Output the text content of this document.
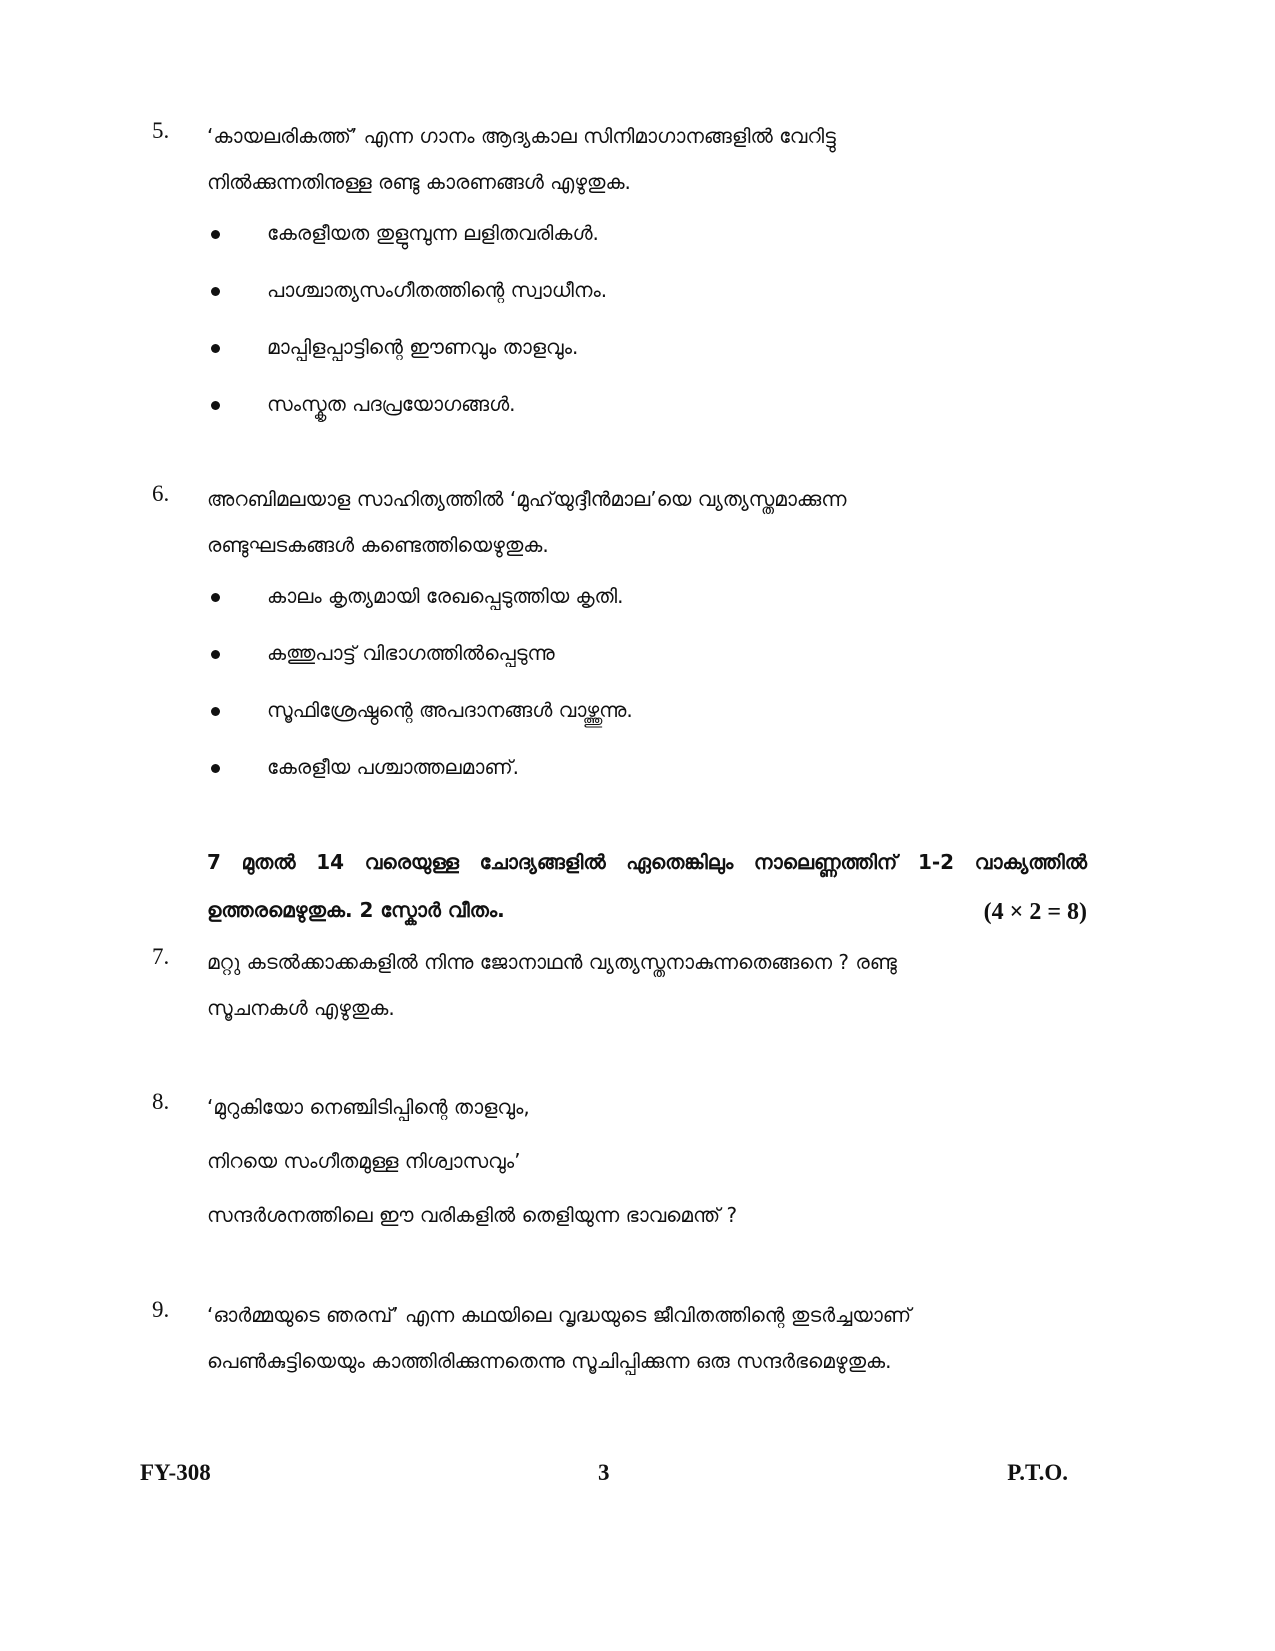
5. ‘കായലരികത്ത്’ എന്ന ഗാനം ആദ്യകാല സിനിമാഗാനങ്ങളിൽ വേറിട്ടു
നിൽക്കുന്നതിനുള്ള രണ്ടു കാരണങ്ങൾ എഴുതുക.
കേരളീയത തുളുമ്പുന്ന ലളിതവരികൾ.
പാശ്ചാത്യസംഗീതത്തിന്റെ സ്വാധീനം.
മാപ്പിളപ്പാട്ടിന്റെ ഈണവും താളവും.
സംസ്കൃത പദപ്രയോഗങ്ങൾ.
6. അറബിമലയാള സാഹിത്യത്തിൽ ‘മുഹ്‌യുദ്ദീൻമാല’യെ വ്യത്യസ്തമാക്കുന്ന
രണ്ടുഘടകങ്ങൾ കണ്ടെത്തിയെഴുതുക.
കാലം കൃത്യമായി രേഖപ്പെടുത്തിയ കൃതി.
കത്തുപാട്ട് വിഭാഗത്തിൽപ്പെടുന്നു
സൂഫിശ്രേഷ്ഠന്റെ അപദാനങ്ങൾ വാഴ്ത്തുന്നു.
കേരളീയ പശ്ചാത്തലമാണ്.
7 മുതൽ 14 വരെയുള്ള ചോദ്യങ്ങളിൽ ഏതെങ്കിലും നാലെണ്ണത്തിന് 1-2 വാക്യത്തിൽ
ഉത്തരമെഴുതുക. 2 സ്കോർ വീതം.	(4 × 2 = 8)
7. മറ്റു കടൽക്കാക്കകളിൽ നിന്നു ജോനാഥൻ വ്യത്യസ്തനാകുന്നതെങ്ങനെ ? രണ്ടു
സൂചനകൾ എഴുതുക.
8. ‘മുറുകിയോ നെഞ്ചിടിപ്പിന്റെ താളവും,
നിറയെ സംഗീതമുള്ള നിശ്വാസവും’
സന്ദർശനത്തിലെ ഈ വരികളിൽ തെളിയുന്ന ഭാവമെന്ത് ?
9. ‘ഓർമ്മയുടെ ഞരമ്പ്’ എന്ന കഥയിലെ വൃദ്ധയുടെ ജീവിതത്തിന്റെ തുടർച്ചയാണ്
പെൺകുട്ടിയെയും കാത്തിരിക്കുന്നതെന്നു സൂചിപ്പിക്കുന്ന ഒരു സന്ദർഭമെഴുതുക.
FY-308	3	P.T.O.
